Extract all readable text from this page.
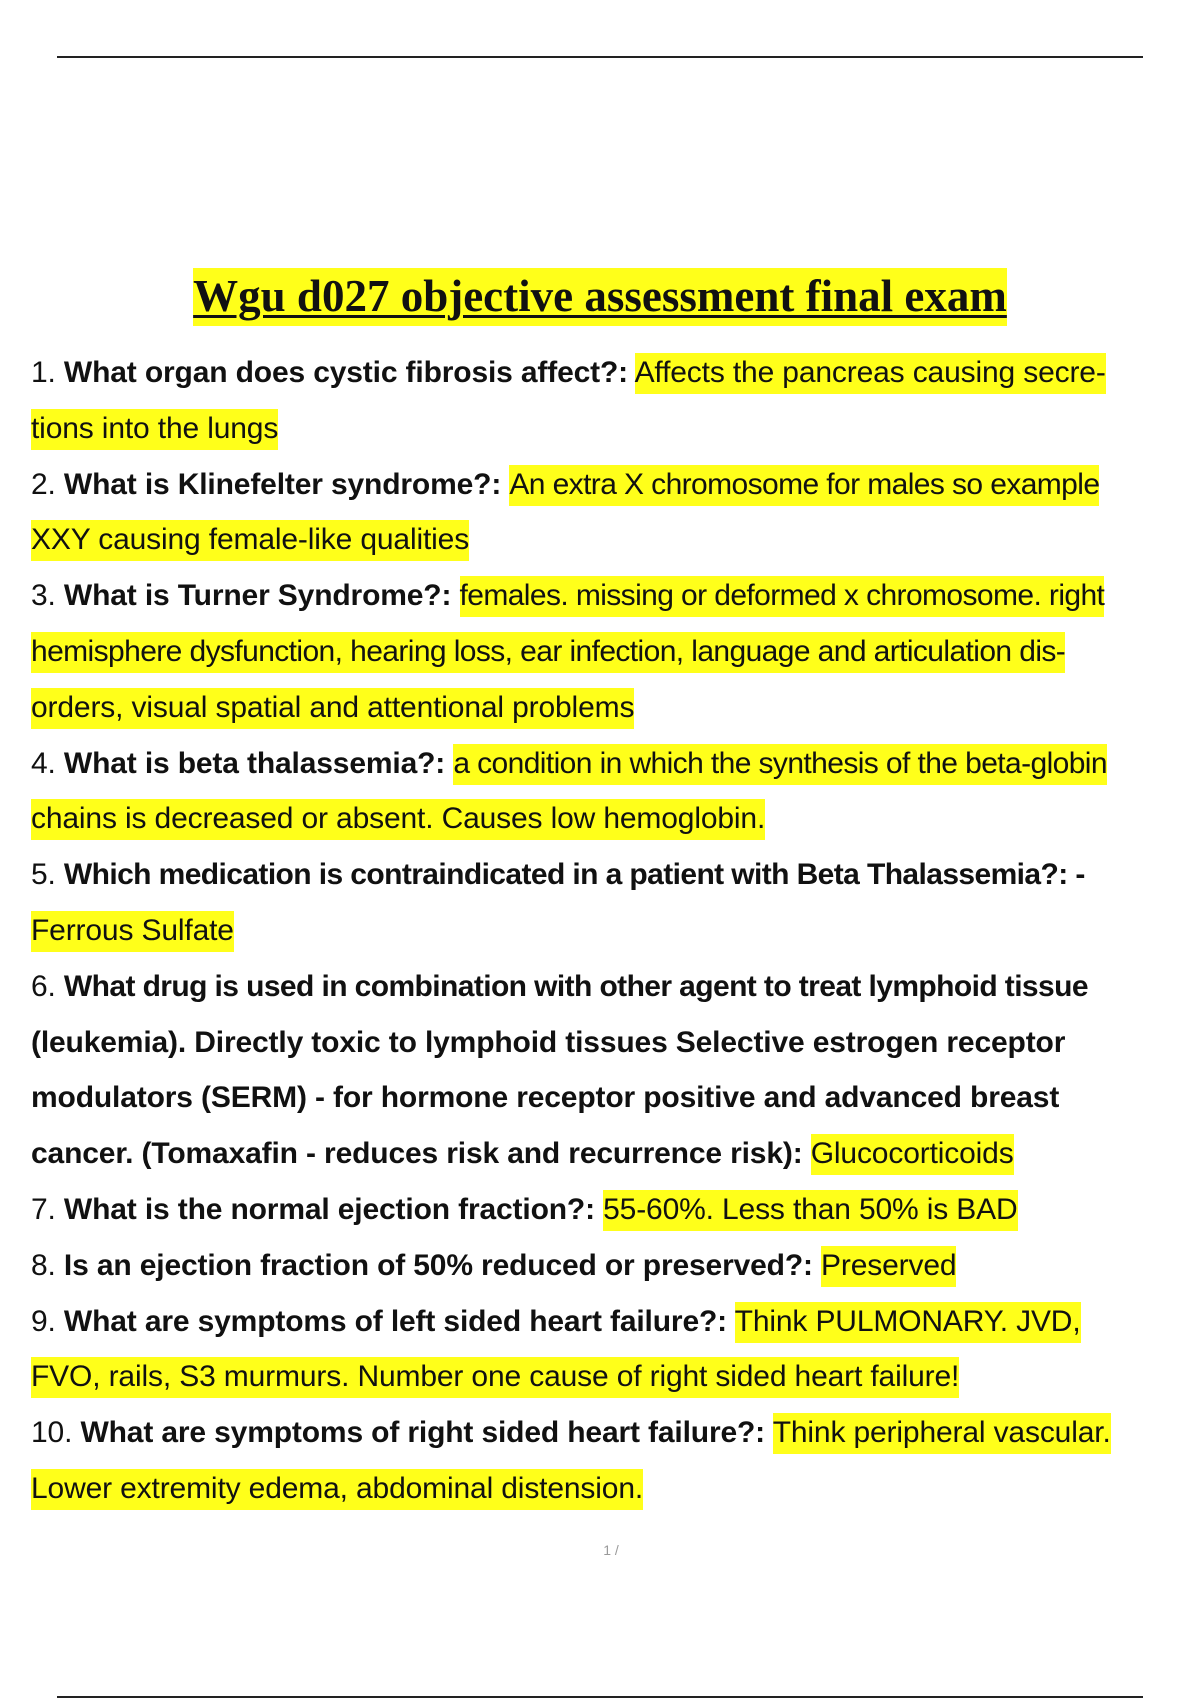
Wgu d027 objective assessment final exam
1. What organ does cystic fibrosis affect?: Affects the pancreas causing secre-
tions into the lungs
2. What is Klinefelter syndrome?: An extra X chromosome for males so example
XXY causing female-like qualities
3. What is Turner Syndrome?: females. missing or deformed x chromosome. right
hemisphere dysfunction, hearing loss, ear infection, language and articulation dis-
orders, visual spatial and attentional problems
4. What is beta thalassemia?: a condition in which the synthesis of the beta-globin
chains is decreased or absent. Causes low hemoglobin.
5. Which medication is contraindicated in a patient with Beta Thalassemia?: -
Ferrous Sulfate
6. What drug is used in combination with other agent to treat lymphoid tissue
(leukemia). Directly toxic to lymphoid tissues Selective estrogen receptor
modulators (SERM) - for hormone receptor positive and advanced breast
cancer. (Tomaxafin - reduces risk and recurrence risk): Glucocorticoids
7. What is the normal ejection fraction?: 55-60%. Less than 50% is BAD
8. Is an ejection fraction of 50% reduced or preserved?: Preserved
9. What are symptoms of left sided heart failure?: Think PULMONARY. JVD,
FVO, rails, S3 murmurs. Number one cause of right sided heart failure!
10. What are symptoms of right sided heart failure?: Think peripheral vascular.
Lower extremity edema, abdominal distension.
1 /
